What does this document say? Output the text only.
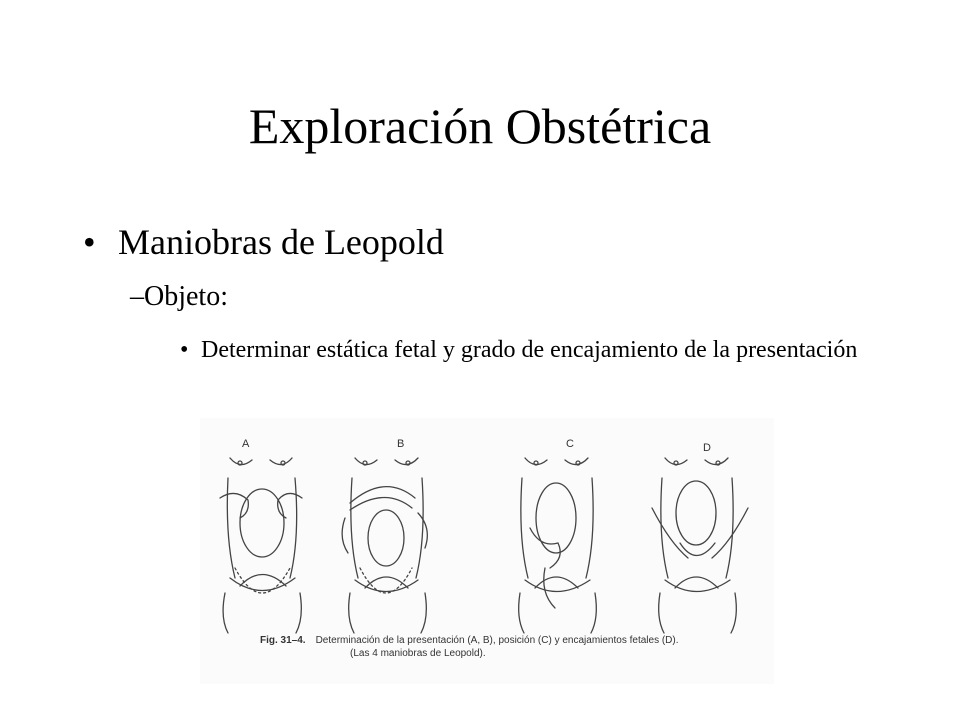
Exploración Obstétrica
• Maniobras de Leopold
–Objeto:
• Determinar estática fetal y grado de encajamiento de la presentación
A	B	C	D
Fig. 31–4. Determinación de la presentación (A, B), posición (C) y encajamientos fetales (D).
(Las 4 maniobras de Leopold).
